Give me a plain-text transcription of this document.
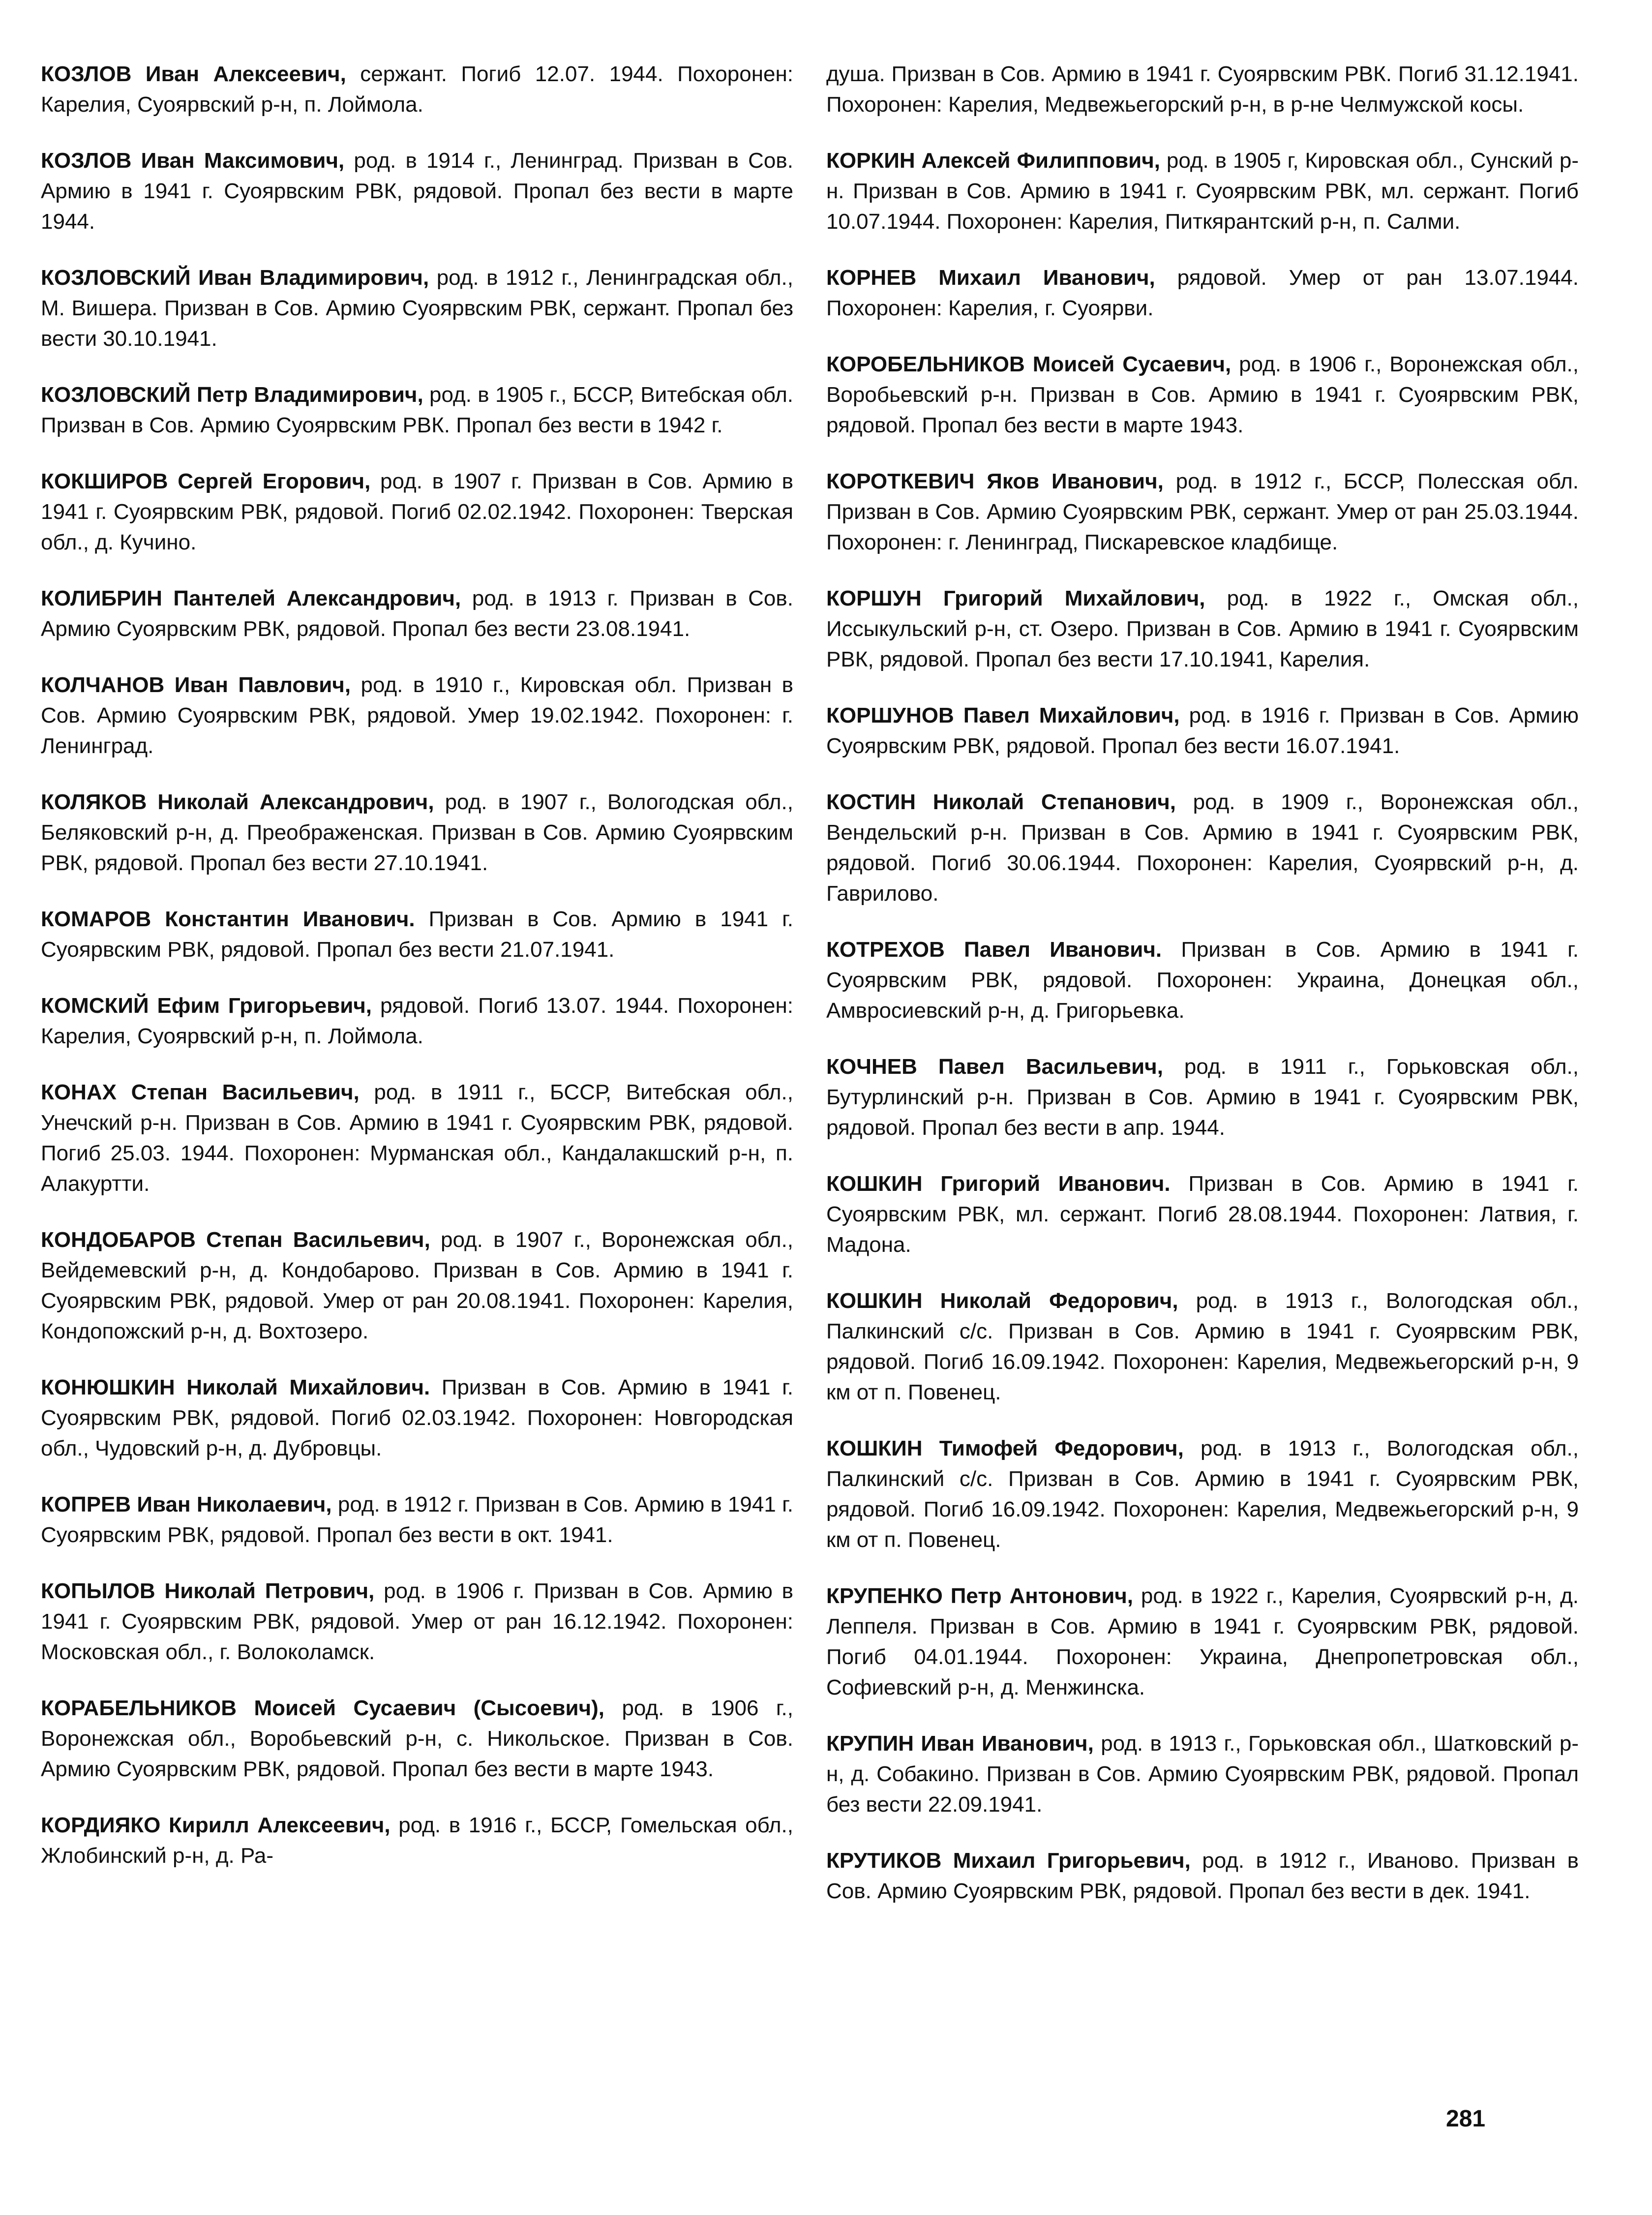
КОЗЛОВ Иван Алексеевич, сержант. Погиб 12.07. 1944. Похоронен: Карелия, Суоярвский р-н, п. Лоймола.

КОЗЛОВ Иван Максимович, род. в 1914 г., Ленинград. Призван в Сов. Армию в 1941 г. Суоярвским РВК, рядовой. Пропал без вести в марте 1944.

КОЗЛОВСКИЙ Иван Владимирович, род. в 1912 г., Ленинградская обл., М. Вишера. Призван в Сов. Армию Суоярвским РВК, сержант. Пропал без вести 30.10.1941.

КОЗЛОВСКИЙ Петр Владимирович, род. в 1905 г., БССР, Витебская обл. Призван в Сов. Армию Суоярвским РВК. Пропал без вести в 1942 г.

КОКШИРОВ Сергей Егорович, род. в 1907 г. Призван в Сов. Армию в 1941 г. Суоярвским РВК, рядовой. Погиб 02.02.1942. Похоронен: Тверская обл., д. Кучино.

КОЛИБРИН Пантелей Александрович, род. в 1913 г. Призван в Сов. Армию Суоярвским РВК, рядовой. Пропал без вести 23.08.1941.

КОЛЧАНОВ Иван Павлович, род. в 1910 г., Кировская обл. Призван в Сов. Армию Суоярвским РВК, рядовой. Умер 19.02.1942. Похоронен: г. Ленинград.

КОЛЯКОВ Николай Александрович, род. в 1907 г., Вологодская обл., Беляковский р-н, д. Преображенская. Призван в Сов. Армию Суоярвским РВК, рядовой. Пропал без вести 27.10.1941.

КОМАРОВ Константин Иванович. Призван в Сов. Армию в 1941 г. Суоярвским РВК, рядовой. Пропал без вести 21.07.1941.

КОМСКИЙ Ефим Григорьевич, рядовой. Погиб 13.07. 1944. Похоронен: Карелия, Суоярвский р-н, п. Лоймола.

КОНАХ Степан Васильевич, род. в 1911 г., БССР, Витебская обл., Унечский р-н. Призван в Сов. Армию в 1941 г. Суоярвским РВК, рядовой. Погиб 25.03. 1944. Похоронен: Мурманская обл., Кандалакшский р-н, п. Алакуртти.

КОНДОБАРОВ Степан Васильевич, род. в 1907 г., Воронежская обл., Вейдемевский р-н, д. Кондобарово. Призван в Сов. Армию в 1941 г. Суоярвским РВК, рядовой. Умер от ран 20.08.1941. Похоронен: Карелия, Кондопожский р-н, д. Вохтозеро.

КОНЮШКИН Николай Михайлович. Призван в Сов. Армию в 1941 г. Суоярвским РВК, рядовой. Погиб 02.03.1942. Похоронен: Новгородская обл., Чудовский р-н, д. Дубровцы.

КОПРЕВ Иван Николаевич, род. в 1912 г. Призван в Сов. Армию в 1941 г. Суоярвским РВК, рядовой. Пропал без вести в окт. 1941.

КОПЫЛОВ Николай Петрович, род. в 1906 г. Призван в Сов. Армию в 1941 г. Суоярвским РВК, рядовой. Умер от ран 16.12.1942. Похоронен: Московская обл., г. Волоколамск.

КОРАБЕЛЬНИКОВ Моисей Сусаевич (Сысоевич), род. в 1906 г., Воронежская обл., Воробьевский р-н, с. Никольское. Призван в Сов. Армию Суоярвским РВК, рядовой. Пропал без вести в марте 1943.

КОРДИЯКО Кирилл Алексеевич, род. в 1916 г., БССР, Гомельская обл., Жлобинский р-н, д. Ра-

душа. Призван в Сов. Армию в 1941 г. Суоярвским РВК. Погиб 31.12.1941. Похоронен: Карелия, Медвежьегорский р-н, в р-не Челмужской косы.

КОРКИН Алексей Филиппович, род. в 1905 г, Кировская обл., Сунский р-н. Призван в Сов. Армию в 1941 г. Суоярвским РВК, мл. сержант. Погиб 10.07.1944. Похоронен: Карелия, Питкярантский р-н, п. Салми.

КОРНЕВ Михаил Иванович, рядовой. Умер от ран 13.07.1944. Похоронен: Карелия, г. Суоярви.

КОРОБЕЛЬНИКОВ Моисей Сусаевич, род. в 1906 г., Воронежская обл., Воробьевский р-н. Призван в Сов. Армию в 1941 г. Суоярвским РВК, рядовой. Пропал без вести в марте 1943.

КОРОТКЕВИЧ Яков Иванович, род. в 1912 г., БССР, Полесская обл. Призван в Сов. Армию Суоярвским РВК, сержант. Умер от ран 25.03.1944. Похоронен: г. Ленинград, Пискаревское кладбище.

КОРШУН Григорий Михайлович, род. в 1922 г., Омская обл., Иссыкульский р-н, ст. Озеро. Призван в Сов. Армию в 1941 г. Суоярвским РВК, рядовой. Пропал без вести 17.10.1941, Карелия.

КОРШУНОВ Павел Михайлович, род. в 1916 г. Призван в Сов. Армию Суоярвским РВК, рядовой. Пропал без вести 16.07.1941.

КОСТИН Николай Степанович, род. в 1909 г., Воронежская обл., Вендельский р-н. Призван в Сов. Армию в 1941 г. Суоярвским РВК, рядовой. Погиб 30.06.1944. Похоронен: Карелия, Суоярвский р-н, д. Гаврилово.

КОТРЕХОВ Павел Иванович. Призван в Сов. Армию в 1941 г. Суоярвским РВК, рядовой. Похоронен: Украина, Донецкая обл., Амвросиевский р-н, д. Григорьевка.

КОЧНЕВ Павел Васильевич, род. в 1911 г., Горьковская обл., Бутурлинский р-н. Призван в Сов. Армию в 1941 г. Суоярвским РВК, рядовой. Пропал без вести в апр. 1944.

КОШКИН Григорий Иванович. Призван в Сов. Армию в 1941 г. Суоярвским РВК, мл. сержант. Погиб 28.08.1944. Похоронен: Латвия, г. Мадона.

КОШКИН Николай Федорович, род. в 1913 г., Вологодская обл., Палкинский с/с. Призван в Сов. Армию в 1941 г. Суоярвским РВК, рядовой. Погиб 16.09.1942. Похоронен: Карелия, Медвежьегорский р-н, 9 км от п. Повенец.

КОШКИН Тимофей Федорович, род. в 1913 г., Вологодская обл., Палкинский с/с. Призван в Сов. Армию в 1941 г. Суоярвским РВК, рядовой. Погиб 16.09.1942. Похоронен: Карелия, Медвежьегорский р-н, 9 км от п. Повенец.

КРУПЕНКО Петр Антонович, род. в 1922 г., Карелия, Суоярвский р-н, д. Леппеля. Призван в Сов. Армию в 1941 г. Суоярвским РВК, рядовой. Погиб 04.01.1944. Похоронен: Украина, Днепропетровская обл., Софиевский р-н, д. Менжинска.

КРУПИН Иван Иванович, род. в 1913 г., Горьковская обл., Шатковский р-н, д. Собакино. Призван в Сов. Армию Суоярвским РВК, рядовой. Пропал без вести 22.09.1941.

КРУТИКОВ Михаил Григорьевич, род. в 1912 г., Иваново. Призван в Сов. Армию Суоярвским РВК, рядовой. Пропал без вести в дек. 1941.

281
